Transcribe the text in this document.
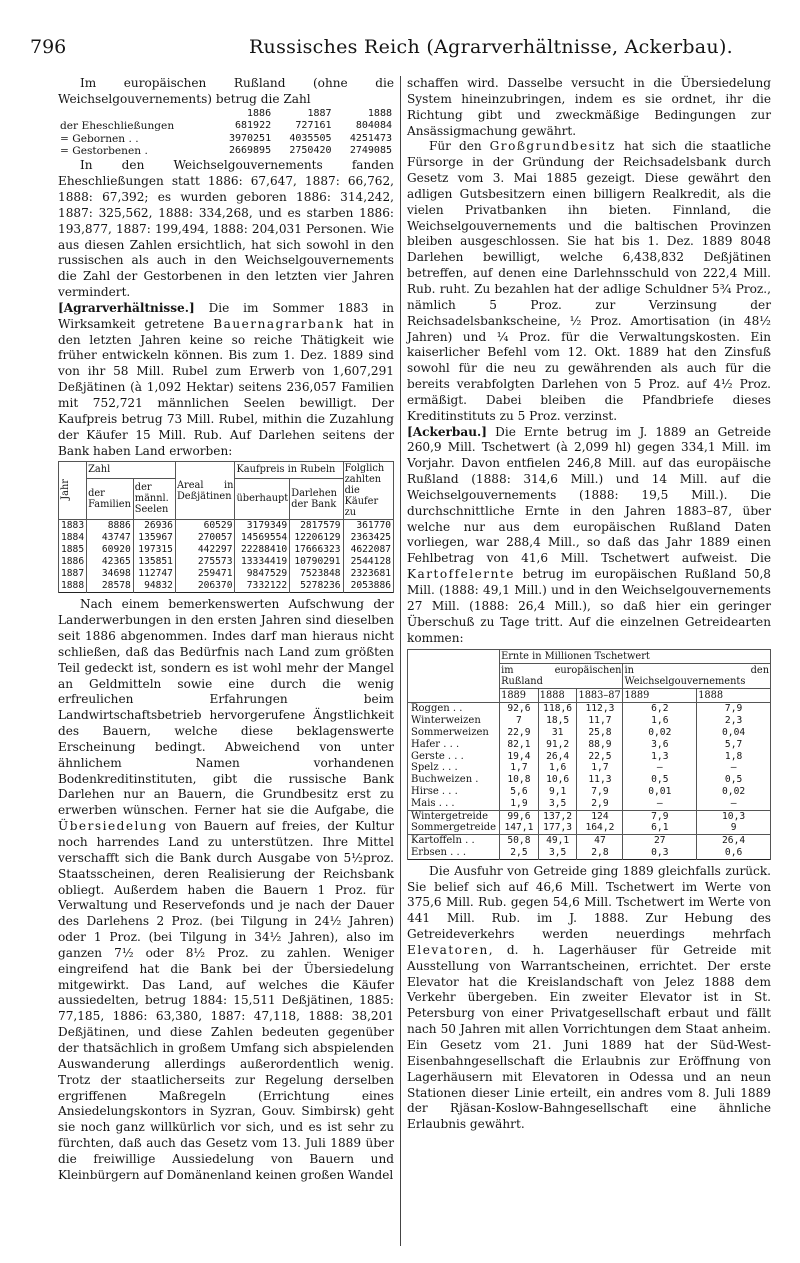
796	Russisches Reich (Agrarverhältnisse, Ackerbau).

Im europäischen Rußland (ohne die Weichselgouvernements) betrug die Zahl

	1886	1887	1888
der Eheschließungen	681922	727161	804084
= Gebornen . .	3970251	4035505	4251473
= Gestorbenen .	2669895	2750420	2749085

In den Weichselgouvernements fanden Eheschließungen statt 1886: 67,647, 1887: 66,762, 1888: 67,392; es wurden geboren 1886: 314,242, 1887: 325,562, 1888: 334,268, und es starben 1886: 193,877, 1887: 199,494, 1888: 204,031 Personen. Wie aus diesen Zahlen ersichtlich, hat sich sowohl in den russischen als auch in den Weichselgouvernements die Zahl der Gestorbenen in den letzten vier Jahren vermindert.

[Agrarverhältnisse.] Die im Sommer 1883 in Wirksamkeit getretene Bauernagrarbank hat in den letzten Jahren keine so reiche Thätigkeit wie früher entwickeln können. Bis zum 1. Dez. 1889 sind von ihr 58 Mill. Rubel zum Erwerb von 1,607,291 Deßjätinen (à 1,092 Hektar) seitens 236,057 Familien mit 752,721 männlichen Seelen bewilligt. Der Kaufpreis betrug 73 Mill. Rubel, mithin die Zuzahlung der Käufer 15 Mill. Rub. Auf Darlehen seitens der Bank haben Land erworben:

Jahr	Zahl		Areal in Deßjätinen	Kaufpreis in Rubeln		Folglich zahlten die Käufer zu
	der Familien	der männl. Seelen		überhaupt	Darlehen der Bank	
1883	8886	26936	60529	3179349	2817579	361770
1884	43747	135967	270057	14569554	12206129	2363425
1885	60920	197315	442297	22288410	17666323	4622087
1886	42365	135851	275573	13334419	10790291	2544128
1887	34698	112747	259471	9847529	7523848	2323681
1888	28578	94832	206370	7332122	5278236	2053886

Nach einem bemerkenswerten Aufschwung der Landerwerbungen in den ersten Jahren sind dieselben seit 1886 abgenommen. Indes darf man hieraus nicht schließen, daß das Bedürfnis nach Land zum größten Teil gedeckt ist, sondern es ist wohl mehr der Mangel an Geldmitteln sowie eine durch die wenig erfreulichen Erfahrungen beim Landwirtschaftsbetrieb hervorgerufene Ängstlichkeit des Bauern, welche diese beklagenswerte Erscheinung bedingt. Abweichend von unter ähnlichem Namen vorhandenen Bodenkreditinstituten, gibt die russische Bank Darlehen nur an Bauern, die Grundbesitz erst zu erwerben wünschen. Ferner hat sie die Aufgabe, die Übersiedelung von Bauern auf freies, der Kultur noch harrendes Land zu unterstützen. Ihre Mittel verschafft sich die Bank durch Ausgabe von 5½proz. Staatsscheinen, deren Realisierung der Reichsbank obliegt. Außerdem haben die Bauern 1 Proz. für Verwaltung und Reservefonds und je nach der Dauer des Darlehens 2 Proz. (bei Tilgung in 24½ Jahren) oder 1 Proz. (bei Tilgung in 34½ Jahren), also im ganzen 7½ oder 8½ Proz. zu zahlen. Weniger eingreifend hat die Bank bei der Übersiedelung mitgewirkt. Das Land, auf welches die Käufer aussiedelten, betrug 1884: 15,511 Deßjätinen, 1885: 77,185, 1886: 63,380, 1887: 47,118, 1888: 38,201 Deßjätinen, und diese Zahlen bedeuten gegenüber der thatsächlich in großem Umfang sich abspielenden Auswanderung allerdings außerordentlich wenig. Trotz der staatlicherseits zur Regelung derselben ergriffenen Maßregeln (Errichtung eines Ansiedelungskontors in Syzran, Gouv. Simbirsk) geht sie noch ganz willkürlich vor sich, und es ist sehr zu fürchten, daß auch das Gesetz vom 13. Juli 1889 über die freiwillige Aussiedelung von Bauern und Kleinbürgern auf Domänenland keinen großen Wandel

schaffen wird. Dasselbe versucht in die Übersiedelung System hineinzubringen, indem es sie ordnet, ihr die Richtung gibt und zweckmäßige Bedingungen zur Ansässigmachung gewährt.

Für den Großgrundbesitz hat sich die staatliche Fürsorge in der Gründung der Reichsadelsbank durch Gesetz vom 3. Mai 1885 gezeigt. Diese gewährt den adligen Gutsbesitzern einen billigern Realkredit, als die vielen Privatbanken ihn bieten. Finnland, die Weichselgouvernements und die baltischen Provinzen bleiben ausgeschlossen. Sie hat bis 1. Dez. 1889 8048 Darlehen bewilligt, welche 6,438,832 Deßjätinen betreffen, auf denen eine Darlehnsschuld von 222,4 Mill. Rub. ruht. Zu bezahlen hat der adlige Schuldner 5¾ Proz., nämlich 5 Proz. zur Verzinsung der Reichsadelsbankscheine, ½ Proz. Amortisation (in 48½ Jahren) und ¼ Proz. für die Verwaltungskosten. Ein kaiserlicher Befehl vom 12. Okt. 1889 hat den Zinsfuß sowohl für die neu zu gewährenden als auch für die bereits verabfolgten Darlehen von 5 Proz. auf 4½ Proz. ermäßigt. Dabei bleiben die Pfandbriefe dieses Kreditinstituts zu 5 Proz. verzinst.

[Ackerbau.] Die Ernte betrug im J. 1889 an Getreide 260,9 Mill. Tschetwert (à 2,099 hl) gegen 334,1 Mill. im Vorjahr. Davon entfielen 246,8 Mill. auf das europäische Rußland (1888: 314,6 Mill.) und 14 Mill. auf die Weichselgouvernements (1888: 19,5 Mill.). Die durchschnittliche Ernte in den Jahren 1883–87, über welche nur aus dem europäischen Rußland Daten vorliegen, war 288,4 Mill., so daß das Jahr 1889 einen Fehlbetrag von 41,6 Mill. Tschetwert aufweist. Die Kartoffelernte betrug im europäischen Rußland 50,8 Mill. (1888: 49,1 Mill.) und in den Weichselgouvernements 27 Mill. (1888: 26,4 Mill.), so daß hier ein geringer Überschuß zu Tage tritt. Auf die einzelnen Getreidearten kommen:

	Ernte in Millionen Tschetwert				
	im europäischen Rußland			in den Weichselgouvernements	
	1889	1888	1883–87	1889	1888
Roggen . .	92,6	118,6	112,3	6,2	7,9
Winterweizen	7	18,5	11,7	1,6	2,3
Sommerweizen	22,9	31	25,8	0,02	0,04
Hafer . . .	82,1	91,2	88,9	3,6	5,7
Gerste . . .	19,4	26,4	22,5	1,3	1,8
Spelz . . .	1,7	1,6	1,7	—	—
Buchweizen .	10,8	10,6	11,3	0,5	0,5
Hirse . . .	5,6	9,1	7,9	0,01	0,02
Mais . . .	1,9	3,5	2,9	—	—
Wintergetreide	99,6	137,2	124	7,9	10,3
Sommergetreide	147,1	177,3	164,2	6,1	9
Kartoffeln . .	50,8	49,1	47	27	26,4
Erbsen . . .	2,5	3,5	2,8	0,3	0,6

Die Ausfuhr von Getreide ging 1889 gleichfalls zurück. Sie belief sich auf 46,6 Mill. Tschetwert im Werte von 375,6 Mill. Rub. gegen 54,6 Mill. Tschetwert im Werte von 441 Mill. Rub. im J. 1888. Zur Hebung des Getreideverkehrs werden neuerdings mehrfach Elevatoren, d. h. Lagerhäuser für Getreide mit Ausstellung von Warrantscheinen, errichtet. Der erste Elevator hat die Kreislandschaft von Jelez 1888 dem Verkehr übergeben. Ein zweiter Elevator ist in St. Petersburg von einer Privatgesellschaft erbaut und fällt nach 50 Jahren mit allen Vorrichtungen dem Staat anheim. Ein Gesetz vom 21. Juni 1889 hat der Süd-West-Eisenbahngesellschaft die Erlaubnis zur Eröffnung von Lagerhäusern mit Elevatoren in Odessa und an neun Stationen dieser Linie erteilt, ein andres vom 8. Juli 1889 der Rjäsan-Koslow-Bahngesellschaft eine ähnliche Erlaubnis gewährt.
